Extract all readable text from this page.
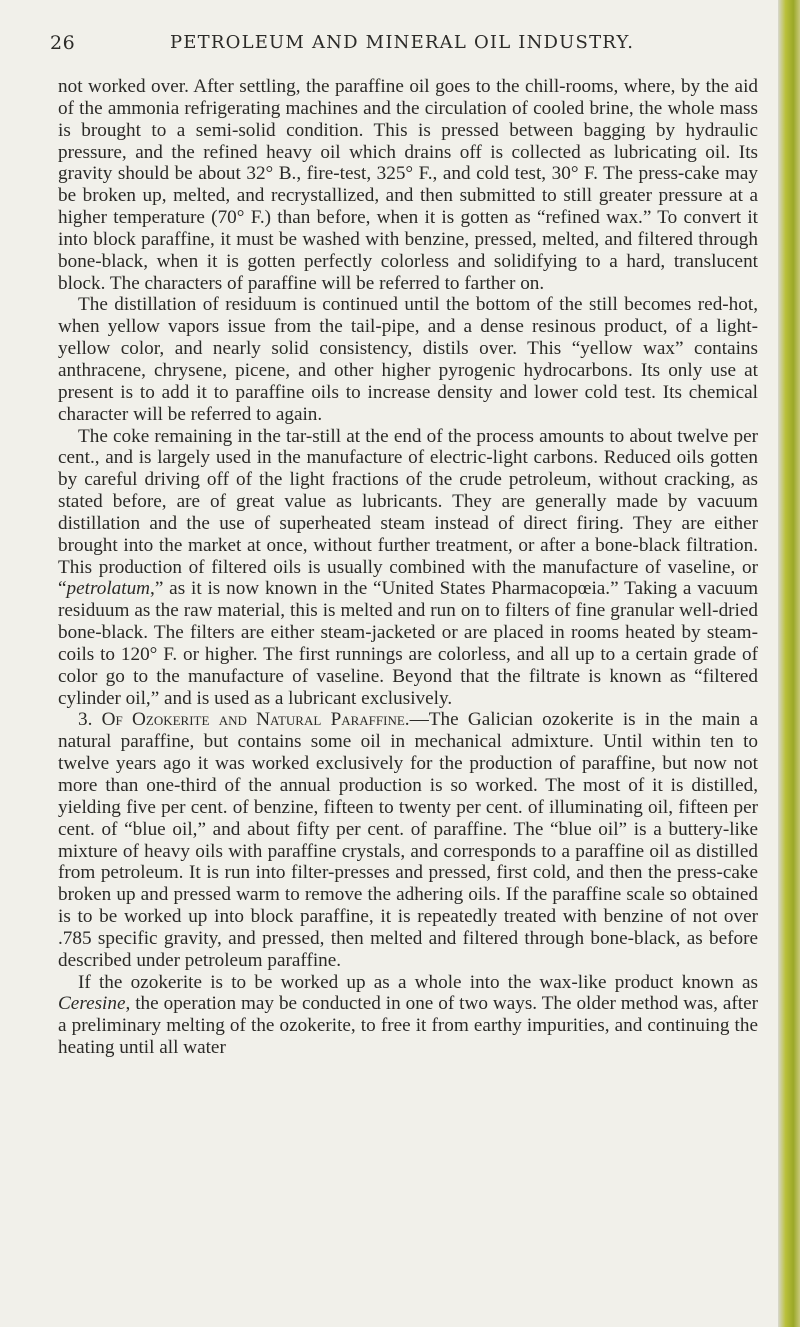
26	PETROLEUM AND MINERAL OIL INDUSTRY.

not worked over. After settling, the paraffine oil goes to the chill-rooms, where, by the aid of the ammonia refrigerating machines and the circulation of cooled brine, the whole mass is brought to a semi-solid condition. This is pressed between bagging by hydraulic pressure, and the refined heavy oil which drains off is collected as lubricating oil. Its gravity should be about 32° B., fire-test, 325° F., and cold test, 30° F. The press-cake may be broken up, melted, and recrystallized, and then submitted to still greater pressure at a higher temperature (70° F.) than before, when it is gotten as “refined wax.” To convert it into block paraffine, it must be washed with benzine, pressed, melted, and filtered through bone-black, when it is gotten perfectly colorless and solidifying to a hard, translucent block. The characters of paraffine will be referred to farther on.

The distillation of residuum is continued until the bottom of the still becomes red-hot, when yellow vapors issue from the tail-pipe, and a dense resinous product, of a light-yellow color, and nearly solid consistency, distils over. This “yellow wax” contains anthracene, chrysene, picene, and other higher pyrogenic hydrocarbons. Its only use at present is to add it to paraffine oils to increase density and lower cold test. Its chemical character will be referred to again.

The coke remaining in the tar-still at the end of the process amounts to about twelve per cent., and is largely used in the manufacture of electric-light carbons. Reduced oils gotten by careful driving off of the light fractions of the crude petroleum, without cracking, as stated before, are of great value as lubricants. They are generally made by vacuum distillation and the use of superheated steam instead of direct firing. They are either brought into the market at once, without further treatment, or after a bone-black filtration. This production of filtered oils is usually combined with the manufacture of vaseline, or “petrolatum,” as it is now known in the “United States Pharmacopœia.” Taking a vacuum residuum as the raw material, this is melted and run on to filters of fine granular well-dried bone-black. The filters are either steam-jacketed or are placed in rooms heated by steam-coils to 120° F. or higher. The first runnings are colorless, and all up to a certain grade of color go to the manufacture of vaseline. Beyond that the filtrate is known as “filtered cylinder oil,” and is used as a lubricant exclusively.

3. Of Ozokerite and Natural Paraffine.—The Galician ozokerite is in the main a natural paraffine, but contains some oil in mechanical admixture. Until within ten to twelve years ago it was worked exclusively for the production of paraffine, but now not more than one-third of the annual production is so worked. The most of it is distilled, yielding five per cent. of benzine, fifteen to twenty per cent. of illuminating oil, fifteen per cent. of “blue oil,” and about fifty per cent. of paraffine. The “blue oil” is a buttery-like mixture of heavy oils with paraffine crystals, and corresponds to a paraffine oil as distilled from petroleum. It is run into filter-presses and pressed, first cold, and then the press-cake broken up and pressed warm to remove the adhering oils. If the paraffine scale so obtained is to be worked up into block paraffine, it is repeatedly treated with benzine of not over .785 specific gravity, and pressed, then melted and filtered through bone-black, as before described under petroleum paraffine.

If the ozokerite is to be worked up as a whole into the wax-like product known as Ceresine, the operation may be conducted in one of two ways. The older method was, after a preliminary melting of the ozokerite, to free it from earthy impurities, and continuing the heating until all water
